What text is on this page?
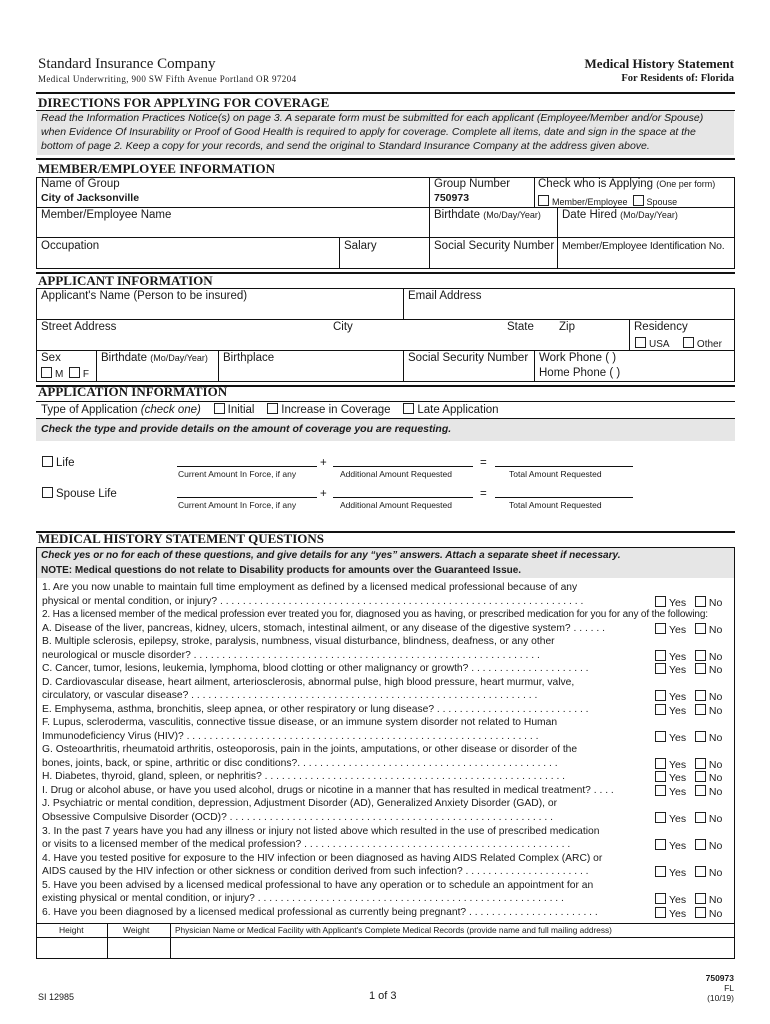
Standard Insurance Company
Medical Underwriting, 900 SW Fifth Avenue Portland OR 97204
Medical History Statement
For Residents of: Florida
DIRECTIONS FOR APPLYING FOR COVERAGE
Read the Information Practices Notice(s) on page 3. A separate form must be submitted for each applicant (Employee/Member and/or Spouse)
when Evidence Of Insurability or Proof of Good Health is required to apply for coverage. Complete all items, date and sign in the space at the
bottom of page 2. Keep a copy for your records, and send the original to Standard Insurance Company at the address given above.
MEMBER/EMPLOYEE INFORMATION
Name of Group
City of Jacksonville
Group Number
750973
Check who is Applying (One per form)
Member/Employee Spouse
Member/Employee Name	Birthdate (Mo/Day/Year) Date Hired (Mo/Day/Year)
Occupation	Salary	Social Security Number Member/Employee Identification No.
APPLICANT INFORMATION
Applicant's Name (Person to be insured)	Email Address
Street Address	City	State Zip	Residency
USA	Other
Sex
M F
Birthdate (Mo/Day/Year) Birthplace	Social Security Number Work Phone ( )
Home Phone ( )
APPLICATION INFORMATION
Type of Application (check one) Initial Increase in Coverage Late Application
Check the type and provide details on the amount of coverage you are requesting.
Life	+	=
Current Amount In Force, if any	Additional Amount Requested	Total Amount Requested
Spouse Life	+	=
Current Amount In Force, if any	Additional Amount Requested	Total Amount Requested
MEDICAL HISTORY STATEMENT QUESTIONS
Check yes or no for each of these questions, and give details for any “yes” answers. Attach a separate sheet if necessary.
NOTE: Medical questions do not relate to Disability products for amounts over the Guaranteed Issue.
1. Are you now unable to maintain full time employment as defined by a licensed medical professional because of any
physical or mental condition, or injury? . . . . . . . . . . . . . . . . . . . . . . . . . . . . . . . . . . . . . . . . . . . . . . . . . . . . . . . . . . . . . . . .	Yes No
2. Has a licensed member of the medical profession ever treated you for, diagnosed you as having, or prescribed medication for you for any of the following:
A. Disease of the liver, pancreas, kidney, ulcers, stomach, intestinal ailment, or any disease of the digestive system? . . . . . .	Yes No
B. Multiple sclerosis, epilepsy, stroke, paralysis, numbness, visual disturbance, blindness, deafness, or any other
neurological or muscle disorder? . . . . . . . . . . . . . . . . . . . . . . . . . . . . . . . . . . . . . . . . . . . . . . . . . . . . . . . . . . . . .	Yes No
C. Cancer, tumor, lesions, leukemia, lymphoma, blood clotting or other malignancy or growth? . . . . . . . . . . . . . . . . . . . . .	Yes No
D. Cardiovascular disease, heart ailment, arteriosclerosis, abnormal pulse, high blood pressure, heart murmur, valve,
circulatory, or vascular disease? . . . . . . . . . . . . . . . . . . . . . . . . . . . . . . . . . . . . . . . . . . . . . . . . . . . . . . . . . . . . .	Yes No
E. Emphysema, asthma, bronchitis, sleep apnea, or other respiratory or lung disease? . . . . . . . . . . . . . . . . . . . . . . . . . . .	Yes No
F. Lupus, scleroderma, vasculitis, connective tissue disease, or an immune system disorder not related to Human
Immunodeficiency Virus (HIV)? . . . . . . . . . . . . . . . . . . . . . . . . . . . . . . . . . . . . . . . . . . . . . . . . . . . . . . . . . . . . . .	Yes No
G. Osteoarthritis, rheumatoid arthritis, osteoporosis, pain in the joints, amputations, or other disease or disorder of the
bones, joints, back, or spine, arthritic or disc conditions?. . . . . . . . . . . . . . . . . . . . . . . . . . . . . . . . . . . . . . . . . . . . . .	Yes No
H. Diabetes, thyroid, gland, spleen, or nephritis? . . . . . . . . . . . . . . . . . . . . . . . . . . . . . . . . . . . . . . . . . . . . . . . . . . . . .	Yes No
I. Drug or alcohol abuse, or have you used alcohol, drugs or nicotine in a manner that has resulted in medical treatment? . . . .	Yes No
J. Psychiatric or mental condition, depression, Adjustment Disorder (AD), Generalized Anxiety Disorder (GAD), or
Obsessive Compulsive Disorder (OCD)? . . . . . . . . . . . . . . . . . . . . . . . . . . . . . . . . . . . . . . . . . . . . . . . . . . . . . . . . .	Yes No
3. In the past 7 years have you had any illness or injury not listed above which resulted in the use of prescribed medication
or visits to a licensed member of the medical profession? . . . . . . . . . . . . . . . . . . . . . . . . . . . . . . . . . . . . . . . . . . . . . . .	Yes No
4. Have you tested positive for exposure to the HIV infection or been diagnosed as having AIDS Related Complex (ARC) or
AIDS caused by the HIV infection or other sickness or condition derived from such infection? . . . . . . . . . . . . . . . . . . . . . .	Yes No
5. Have you been advised by a licensed medical professional to have any operation or to schedule an appointment for an
existing physical or mental condition, or injury? . . . . . . . . . . . . . . . . . . . . . . . . . . . . . . . . . . . . . . . . . . . . . . . . . . . . . .	Yes No
6. Have you been diagnosed by a licensed medical professional as currently being pregnant? . . . . . . . . . . . . . . . . . . . . . . .	Yes No
Height	Weight	Physician Name or Medical Facility with Applicant's Complete Medical Records (provide name and full mailing address)
SI 12985	1 of 3
750973
FL
(10/19)
